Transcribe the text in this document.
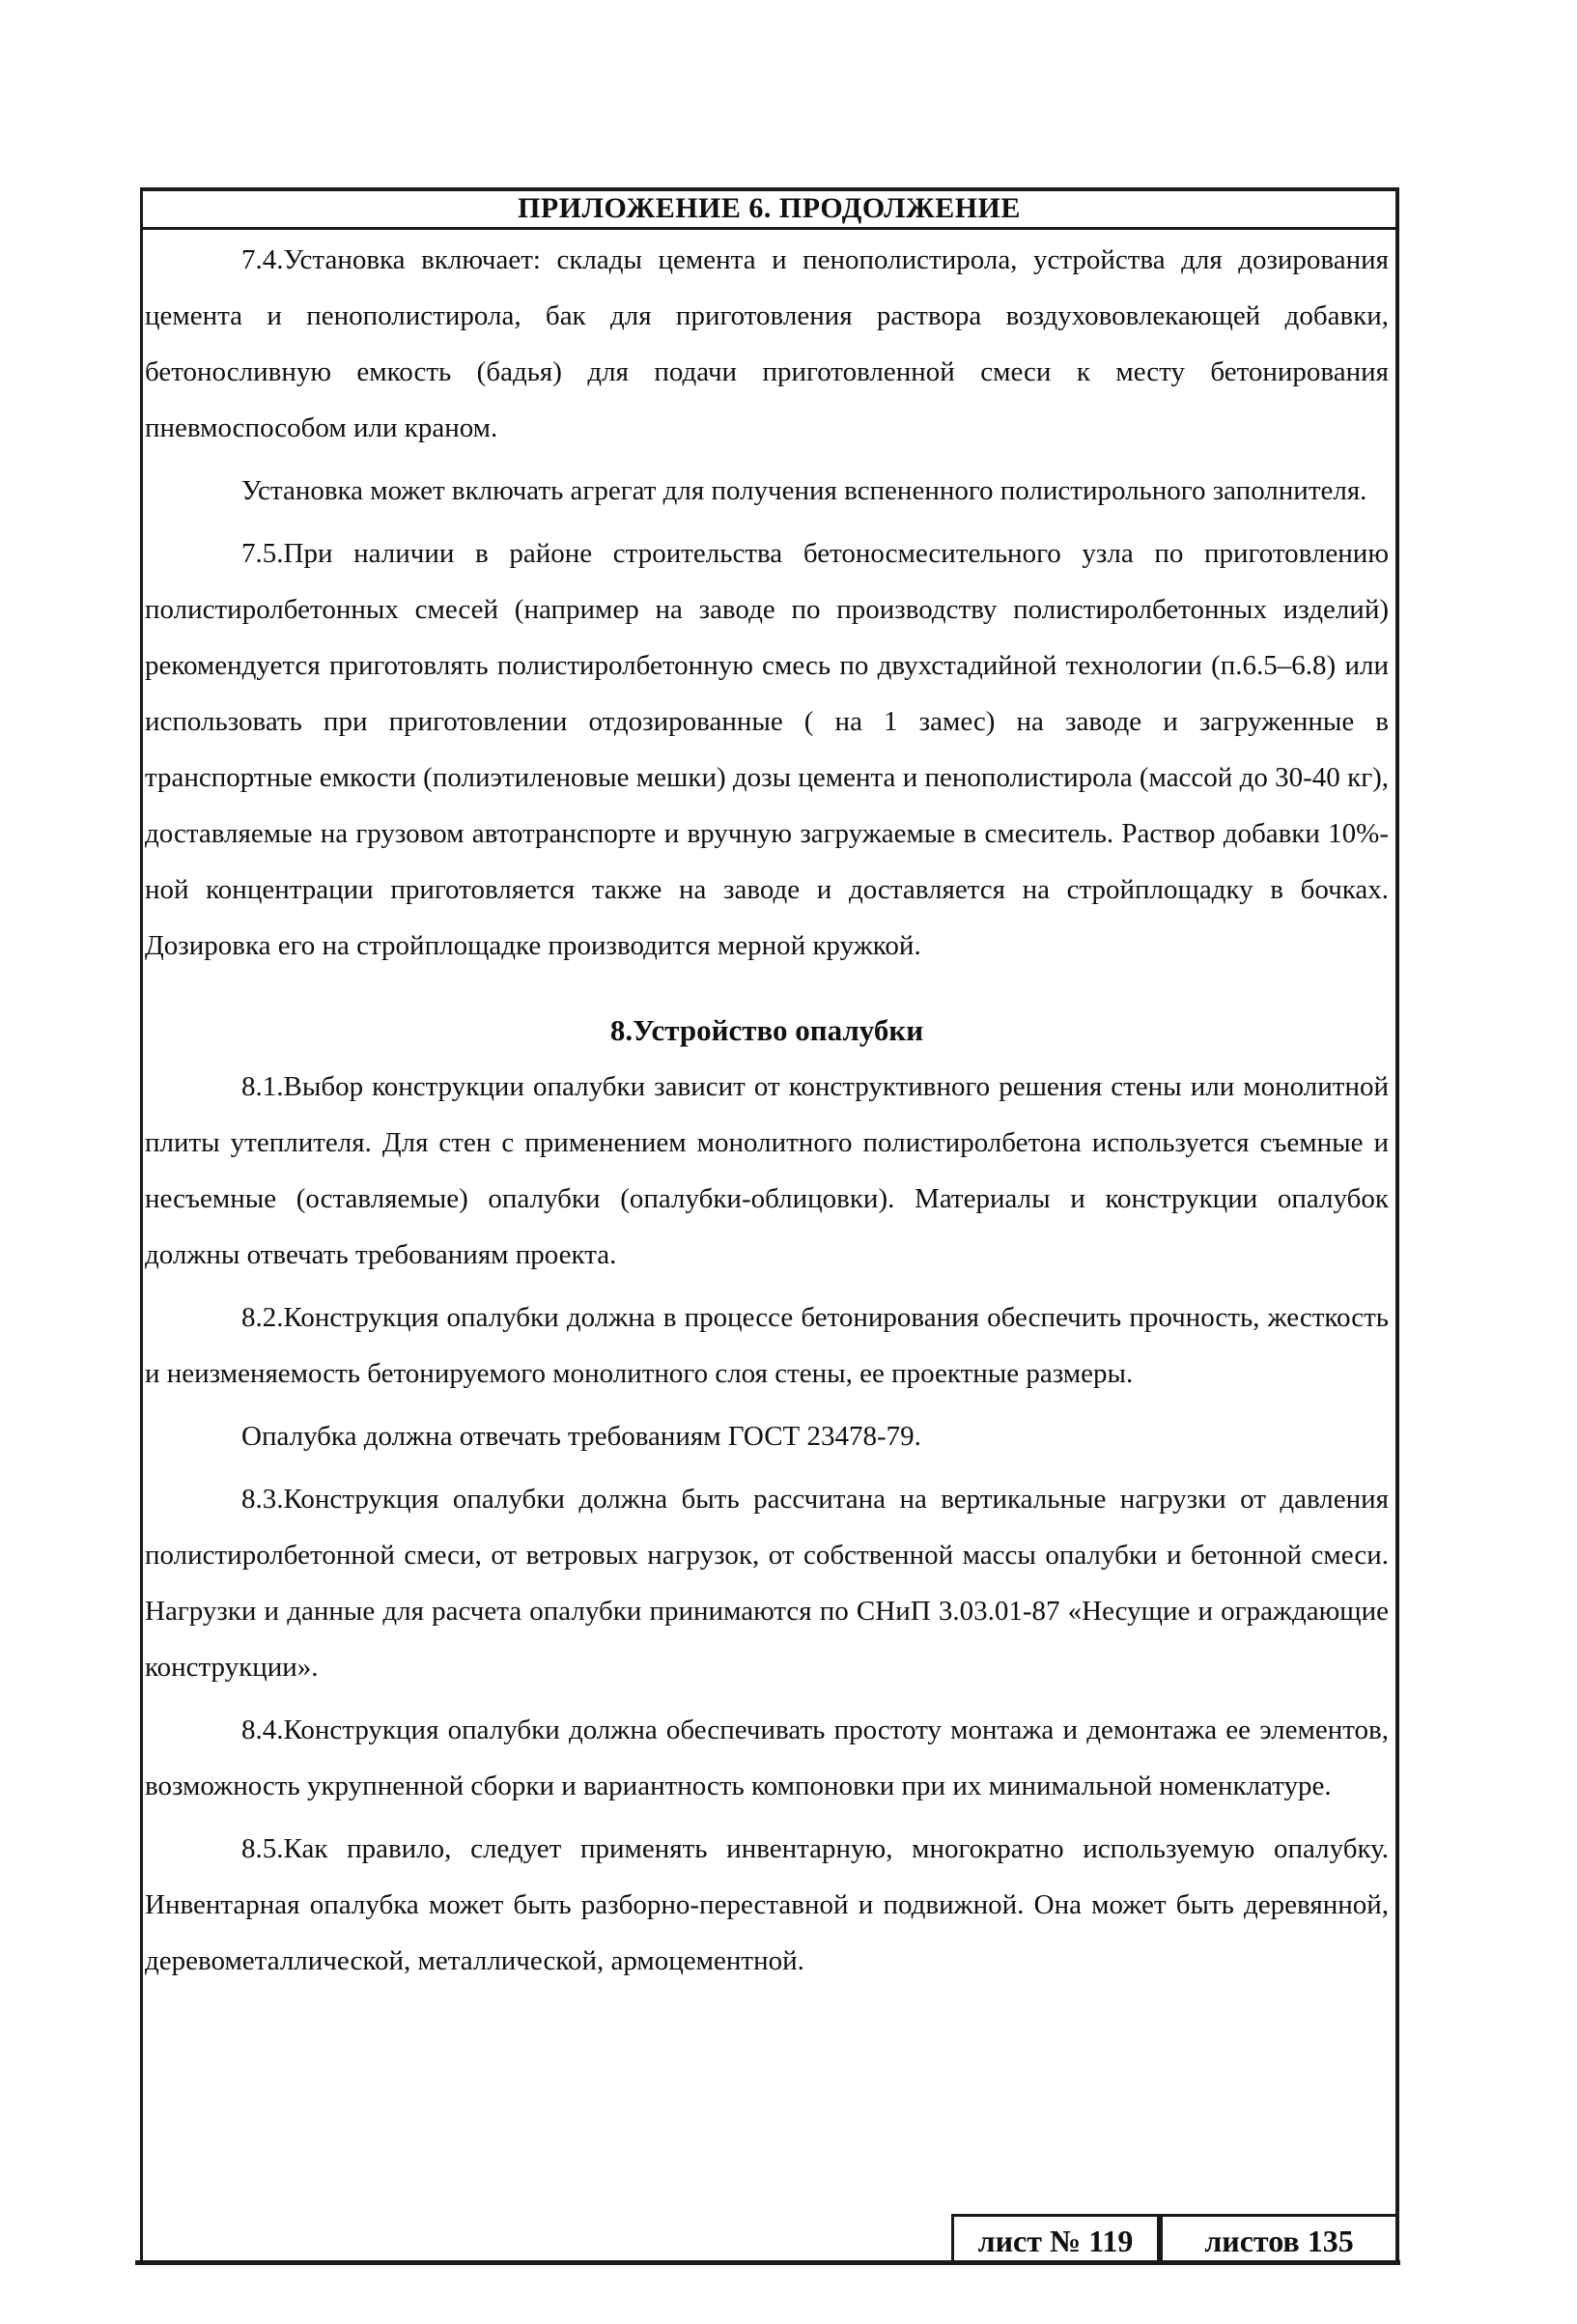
ПРИЛОЖЕНИЕ 6. ПРОДОЛЖЕНИЕ

7.4.Установка включает: склады цемента и пенополистирола, устройства для дозирования цемента и пенополистирола, бак для приготовления раствора воздухововлекающей добавки, бетоносливную емкость (бадья) для подачи приготовленной смеси к месту бетонирования пневмоспособом или краном.

Установка может включать агрегат для получения вспененного полистирольного заполнителя.

7.5.При наличии в районе строительства бетоносмесительного узла по приготовлению полистиролбетонных смесей (например на заводе по производству полистиролбетонных изделий) рекомендуется приготовлять полистиролбетонную смесь по двухстадийной технологии (п.6.5–6.8) или использовать при приготовлении отдозированные ( на 1 замес) на заводе и загруженные в транспортные емкости (полиэтиленовые мешки) дозы цемента и пенополистирола (массой до 30-40 кг), доставляемые на грузовом автотранспорте и вручную загружаемые в смеситель. Раствор добавки 10%-ной концентрации приготовляется также на заводе и доставляется на стройплощадку в бочках. Дозировка его на стройплощадке производится мерной кружкой.

8.Устройство опалубки

8.1.Выбор конструкции опалубки зависит от конструктивного решения стены или монолитной плиты утеплителя. Для стен с применением монолитного полистиролбетона используется съемные и несъемные (оставляемые) опалубки (опалубки-облицовки). Материалы и конструкции опалубок должны отвечать требованиям проекта.

8.2.Конструкция опалубки должна в процессе бетонирования обеспечить прочность, жесткость и неизменяемость бетонируемого монолитного слоя стены, ее проектные размеры.

Опалубка должна отвечать требованиям ГОСТ 23478-79.

8.3.Конструкция опалубки должна быть рассчитана на вертикальные нагрузки от давления полистиролбетонной смеси, от ветровых нагрузок, от собственной массы опалубки и бетонной смеси. Нагрузки и данные для расчета опалубки принимаются по СНиП 3.03.01-87 «Несущие и ограждающие конструкции».

8.4.Конструкция опалубки должна обеспечивать простоту монтажа и демонтажа ее элементов, возможность укрупненной сборки и вариантность компоновки при их минимальной номенклатуре.

8.5.Как правило, следует применять инвентарную, многократно используемую опалубку. Инвентарная опалубка может быть разборно-переставной и подвижной. Она может быть деревянной, деревометаллической, металлической, армоцементной.

лист № 119	листов 135
